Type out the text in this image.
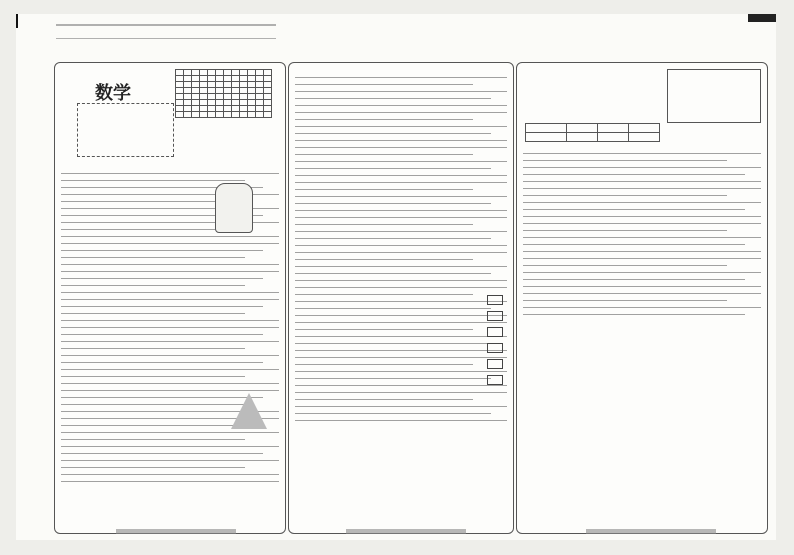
数学
